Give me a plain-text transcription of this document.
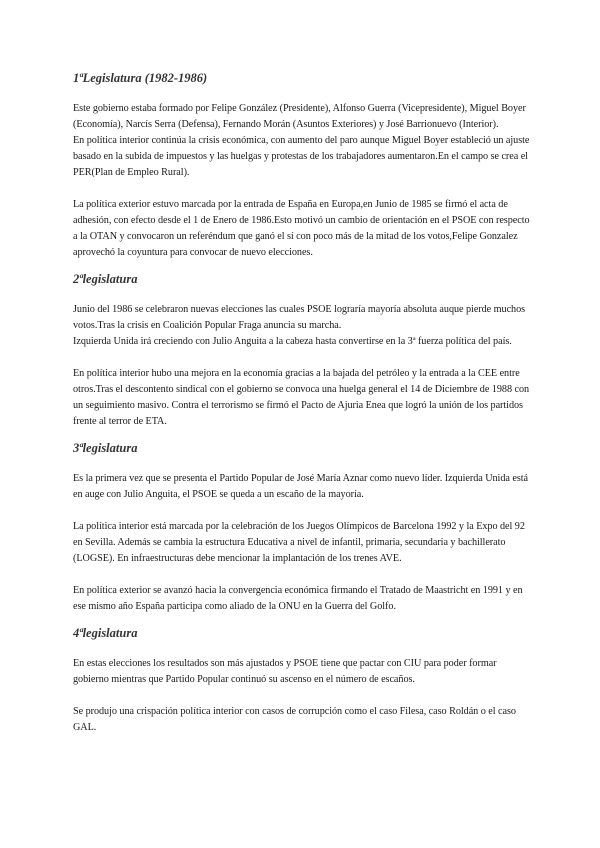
1ªLegislatura (1982-1986)

Este gobierno estaba formado por Felipe González (Presidente), Alfonso Guerra (Vicepresidente), Miguel Boyer (Economía), Narcís Serra (Defensa), Fernando Morán (Asuntos Exteriores) y José Barrionuevo (Interior).

En política interior continúa la crisis económica, con aumento del paro aunque Miguel Boyer estableció un ajuste basado en la subida de impuestos y las huelgas y protestas de los trabajadores aumentaron.En el campo se crea el PER(Plan de Empleo Rural).

La política exterior estuvo marcada por la entrada de España en Europa,en Junio de 1985 se firmó el acta de adhesión, con efecto desde el 1 de Enero de 1986.Esto motivó un cambio de orientación en el PSOE con respecto a la OTAN y convocaron un referéndum que ganó el sí con poco más de la mitad de los votos,Felipe Gonzalez aprovechó la coyuntura para convocar de nuevo elecciones.

2ªlegislatura

Junio del 1986 se celebraron nuevas elecciones las cuales PSOE lograría mayoría absoluta auque pierde muchos votos.Tras la crisis en Coalición Popular Fraga anuncia su marcha.

Izquierda Unida irá creciendo con Julio Anguita a la cabeza hasta convertirse en la 3ª fuerza política del país.

En política interior hubo una mejora en la economía gracias a la bajada del petróleo y la entrada a la CEE entre otros.Tras el descontento sindical con el gobierno se convoca una huelga general el 14 de Diciembre de 1988 con un seguimiento masivo. Contra el terrorismo se firmó el Pacto de Ajuria Enea que logró la unión de los partidos frente al terror de ETA.

3ªlegislatura

Es la primera vez que se presenta el Partido Popular de José María Aznar como nuevo líder. Izquierda Unida está en auge con Julio Anguita, el PSOE se queda a un escaño de la mayoría.

La política interior está marcada por la celebración de los Juegos Olímpicos de Barcelona 1992 y la Expo del 92 en Sevilla. Además se cambia la estructura Educativa a nivel de infantil, primaria, secundaria y bachillerato (LOGSE). En infraestructuras debe mencionar la implantación de los trenes AVE.

En política exterior se avanzó hacia la convergencia económica firmando el Tratado de Maastricht en 1991 y en ese mismo año España participa como aliado de la ONU en la Guerra del Golfo.

4ªlegislatura

En estas elecciones los resultados son más ajustados y PSOE tiene que pactar con CIU para poder formar gobierno mientras que Partido Popular continuó su ascenso en el número de escaños.

Se produjo una crispación política interior con casos de corrupción como el caso Filesa, caso Roldán o el caso GAL.
